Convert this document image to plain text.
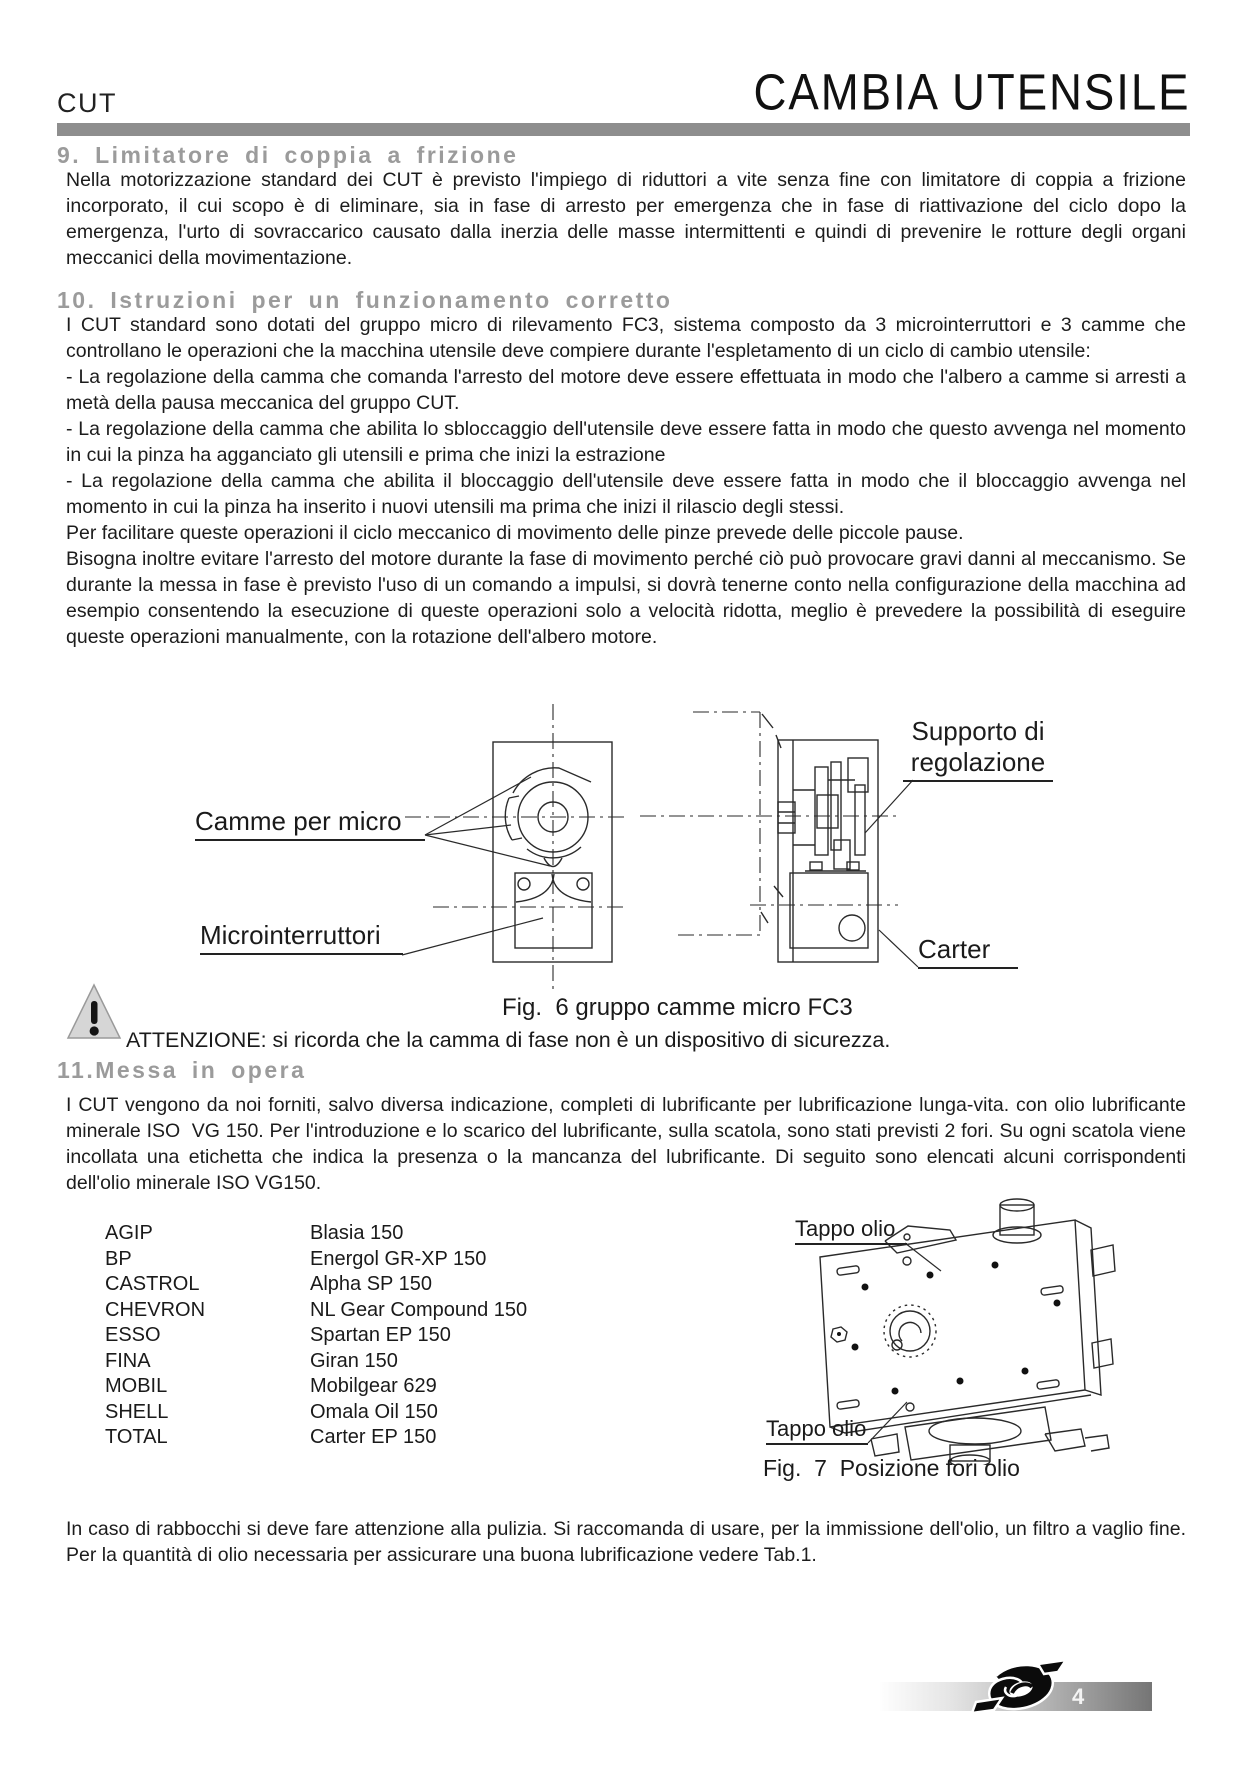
CUT	CAMBIA UTENSILE
9. Limitatore di coppia a frizione

Nella motorizzazione standard dei CUT è previsto l'impiego di riduttori a vite senza fine con limitatore di coppia a frizione incorporato, il cui scopo è di eliminare, sia in fase di arresto per emergenza che in fase di riattivazione del ciclo dopo la emergenza, l'urto di sovraccarico causato dalla inerzia delle masse intermittenti e quindi di prevenire le rotture degli organi meccanici della movimentazione.

10. Istruzioni per un funzionamento corretto

I CUT standard sono dotati del gruppo micro di rilevamento FC3, sistema composto da 3 microinterruttori e 3 camme che controllano le operazioni che la macchina utensile deve compiere durante l'espletamento di un ciclo di cambio utensile:

- La regolazione della camma che comanda l'arresto del motore deve essere effettuata in modo che l'albero a camme si arresti a metà della pausa meccanica del gruppo CUT.

- La regolazione della camma che abilita lo sbloccaggio dell'utensile deve essere fatta in modo che questo avvenga nel momento in cui la pinza ha agganciato gli utensili e prima che inizi la estrazione

- La regolazione della camma che abilita il bloccaggio dell'utensile deve essere fatta in modo che il bloccaggio avvenga nel momento in cui la pinza ha inserito i nuovi utensili ma prima che inizi il rilascio degli stessi.

Per facilitare queste operazioni il ciclo meccanico di movimento delle pinze prevede delle piccole pause.

Bisogna inoltre evitare l'arresto del motore durante la fase di movimento perché ciò può provocare gravi danni al meccanismo. Se durante la messa in fase è previsto l'uso di un comando a impulsi, si dovrà tenerne conto nella configurazione della macchina ad esempio consentendo la esecuzione di queste operazioni solo a velocità ridotta, meglio è prevedere la possibilità di eseguire queste operazioni manualmente, con la rotazione dell'albero motore.

Camme per micro
Microinterruttori
Supporto di
regolazione
Carter
Fig.  6 gruppo camme micro FC3
ATTENZIONE: si ricorda che la camma di fase non è un dispositivo di sicurezza.
11.Messa in opera

I CUT vengono da noi forniti, salvo diversa indicazione, completi di lubrificante per lubrificazione lunga-vita. con olio lubrificante minerale ISO  VG 150. Per l'introduzione e lo scarico del lubrificante, sulla scatola, sono stati previsti 2 fori. Su ogni scatola viene incollata una etichetta che indica la presenza o la mancanza del lubrificante. Di seguito sono elencati alcuni corrispondenti dell'olio minerale ISO VG150.

AGIP	Blasia 150
BP	Energol GR-XP 150
CASTROL	Alpha SP 150
CHEVRON	NL Gear Compound 150
ESSO	Spartan EP 150
FINA	Giran 150
MOBIL	Mobilgear 629
SHELL	Omala Oil 150
TOTAL	Carter EP 150
Tappo olio
Tappo olio
Fig.  7  Posizione fori olio

In caso di rabbocchi si deve fare attenzione alla pulizia. Si raccomanda di usare, per la immissione dell'olio, un filtro a vaglio fine. Per la quantità di olio necessaria per assicurare una buona lubrificazione vedere Tab.1.

4
